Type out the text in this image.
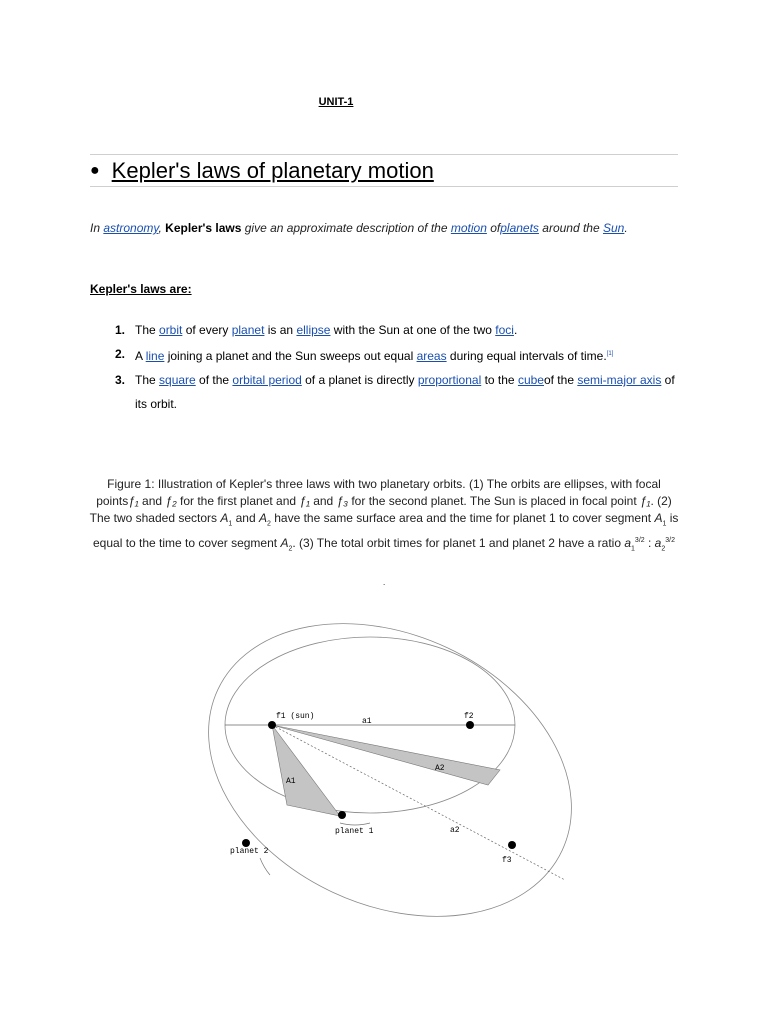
UNIT-1
● Kepler's laws of planetary motion
In astronomy, Kepler's laws give an approximate description of the motion ofplanets around the Sun.
Kepler's laws are:
1. The orbit of every planet is an ellipse with the Sun at one of the two foci.
2. A line joining a planet and the Sun sweeps out equal areas during equal intervals of time.[1]
3. The square of the orbital period of a planet is directly proportional to the cubeof the semi-major axis of its orbit.
Figure 1: Illustration of Kepler's three laws with two planetary orbits. (1) The orbits are ellipses, with focal pointsƒ₁ and ƒ₂ for the first planet and ƒ₁ and ƒ₃ for the second planet. The Sun is placed in focal point ƒ₁. (2) The two shaded sectors $A_1$ and $A_2$ have the same surface area and the time for planet 1 to cover segment $A_1$ is equal to the time to cover segment $A_2$. (3) The total orbit times for planet 1 and planet 2 have a ratio $a_1^{3/2}$ : $a_2^{3/2}$
.
f1 (sun)	f2
f3
a1
a2
A1
A2
planet 1
planet 2
